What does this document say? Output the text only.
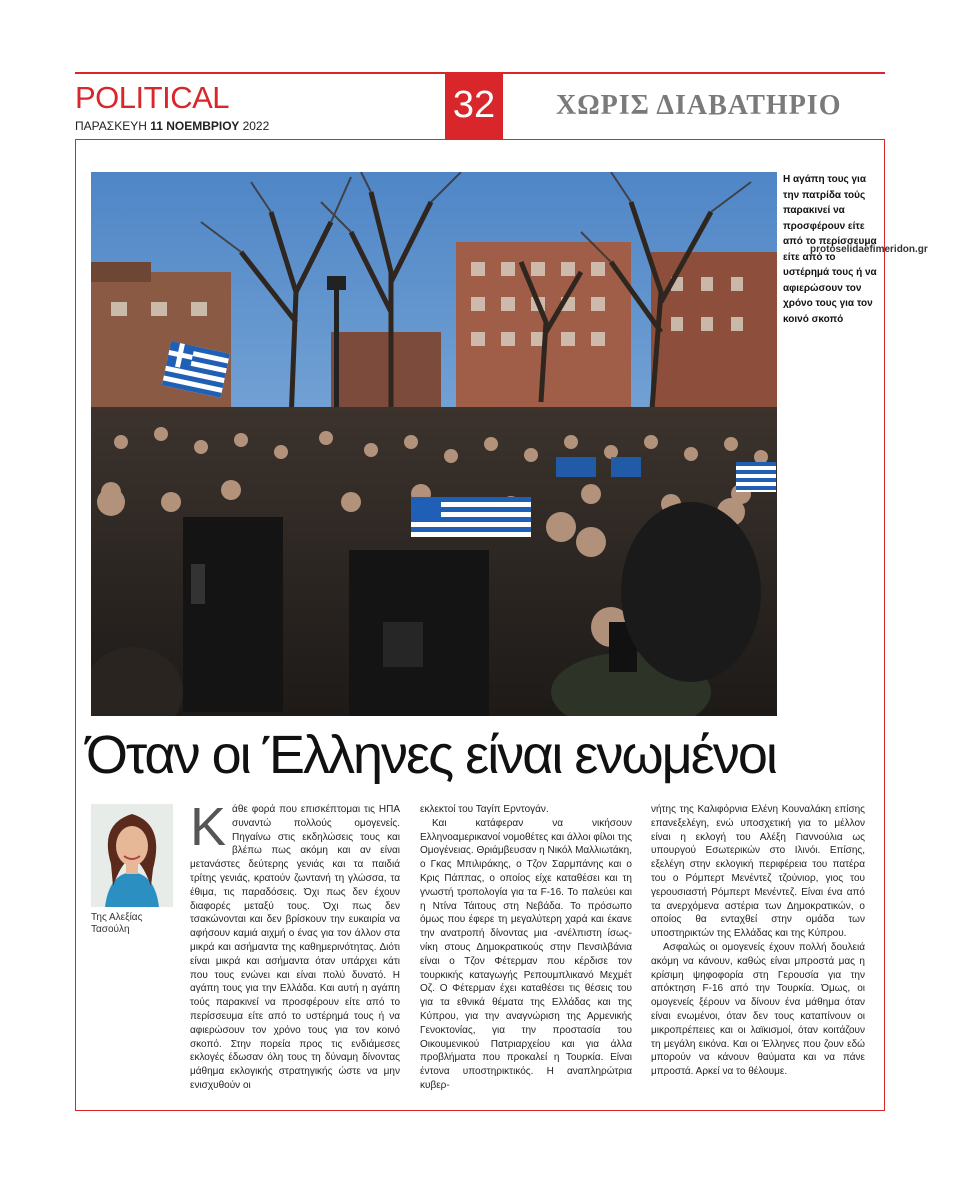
POLITICAL
ΠΑΡΑΣΚΕΥΗ 11 ΝΟΕΜΒΡΙΟΥ 2022	32 ΧΩΡΙΣ ΔΙΑΒΑΤΗΡΙΟ
Η αγάπη τους για την πατρίδα τούς παρακινεί να προσφέρουν είτε από το περίσσευμα είτε από το υστέρημά τους ή να αφιερώσουν τον χρόνο τους για τον κοινό σκοπό
protoselidaefimeridon.gr
Όταν οι Έλληνες είναι ενωμένοι
Της Αλεξίας Τασούλη
Κ άθε φορά που επισκέπτομαι τις ΗΠΑ συναντώ πολλούς ομογενείς. Πηγαίνω στις εκδηλώσεις τους και βλέπω πως ακόμη και αν είναι μετανάστες δεύτερης γενιάς και τα παιδιά τρίτης γενιάς, κρατούν ζωντανή τη γλώσσα, τα έθιμα, τις παραδόσεις. Όχι πως δεν έχουν διαφορές μεταξύ τους. Όχι πως δεν τσακώνονται και δεν βρίσκουν την ευκαιρία να αφήσουν καμιά αιχμή ο ένας για τον άλλον στα μικρά και ασήμαντα της καθημερινότητας. Διότι είναι μικρά και ασήμαντα όταν υπάρχει κάτι που τους ενώνει και είναι πολύ δυνατό. Η αγάπη τους για την Ελλάδα. Και αυτή η αγάπη τούς παρακινεί να προσφέρουν είτε από το περίσσευμα είτε από το υστέρημά τους ή να αφιερώσουν τον χρόνο τους για τον κοινό σκοπό. Στην πορεία προς τις ενδιάμεσες εκλογές έδωσαν όλη τους τη δύναμη δίνοντας μάθημα εκλογικής στρατηγικής ώστε να μην ενισχυθούν οι

εκλεκτοί του Ταγίπ Ερντογάν.

Και κατάφεραν να νικήσουν Ελληνοαμερικανοί νομοθέτες και άλλοι φίλοι της Ομογένειας. Θριάμβευσαν η Νικόλ Μαλλιωτάκη, ο Γκας Μπιλιράκης, ο Τζον Σαρμπάνης και ο Κρις Πάππας, ο οποίος είχε καταθέσει και τη γνωστή τροπολογία για τα F-16. Το παλεύει και η Ντίνα Τάιτους στη Νεβάδα. Το πρόσωπο όμως που έφερε τη μεγαλύτερη χαρά και έκανε την ανατροπή δίνοντας μια -ανέλπιστη ίσως- νίκη στους Δημοκρατικούς στην Πενσιλβάνια είναι ο Τζον Φέτερμαν που κέρδισε τον τουρκικής καταγωγής Ρεπουμπλικανό Μεχμέτ Οζ. Ο Φέτερμαν έχει καταθέσει τις θέσεις του για τα εθνικά θέματα της Ελλάδας και της Κύπρου, για την αναγνώριση της Αρμενικής Γενοκτονίας, για την προστασία του Οικουμενικού Πατριαρχείου και για άλλα προβλήματα που προκαλεί η Τουρκία. Είναι έντονα υποστηρικτικός. Η αναπληρώτρια κυβερ-

νήτης της Καλιφόρνια Ελένη Κουναλάκη επίσης επανεξελέγη, ενώ υποσχετική για το μέλλον είναι η εκλογή του Αλέξη Γιαννούλια ως υπουργού Εσωτερικών στο Ιλινόι. Επίσης, εξελέγη στην εκλογική περιφέρεια του πατέρα του ο Ρόμπερτ Μενέντεζ τζούνιορ, γιος του γερουσιαστή Ρόμπερτ Μενέντεζ. Είναι ένα από τα ανερχόμενα αστέρια των Δημοκρατικών, ο οποίος θα ενταχθεί στην ομάδα των υποστηρικτών της Ελλάδας και της Κύπρου.

Ασφαλώς οι ομογενείς έχουν πολλή δουλειά ακόμη να κάνουν, καθώς είναι μπροστά μας η κρίσιμη ψηφοφορία στη Γερουσία για την απόκτηση F-16 από την Τουρκία. Όμως, οι ομογενείς ξέρουν να δίνουν ένα μάθημα όταν είναι ενωμένοι, όταν δεν τους καταπίνουν οι μικροπρέπειες και οι λαϊκισμοί, όταν κοιτάζουν τη μεγάλη εικόνα. Και οι Έλληνες που ζουν εδώ μπορούν να κάνουν θαύματα και να πάνε μπροστά. Αρκεί να το θέλουμε.
